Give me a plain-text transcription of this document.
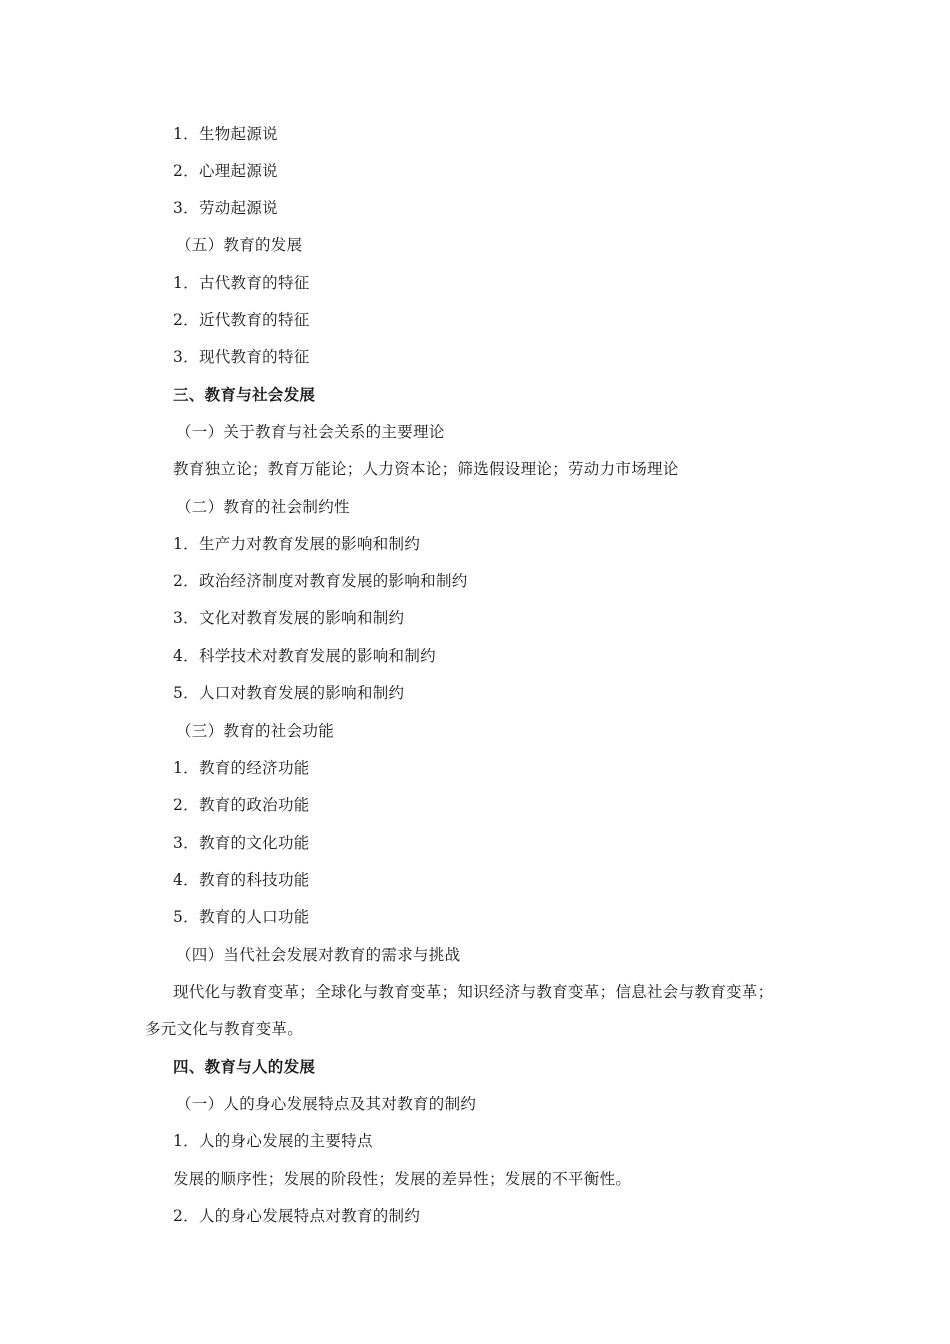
1．生物起源说
2．心理起源说
3．劳动起源说
（五）教育的发展
1．古代教育的特征
2．近代教育的特征
3．现代教育的特征
三、教育与社会发展
（一）关于教育与社会关系的主要理论
教育独立论；教育万能论；人力资本论；筛选假设理论；劳动力市场理论
（二）教育的社会制约性
1．生产力对教育发展的影响和制约
2．政治经济制度对教育发展的影响和制约
3．文化对教育发展的影响和制约
4．科学技术对教育发展的影响和制约
5．人口对教育发展的影响和制约
（三）教育的社会功能
1．教育的经济功能
2．教育的政治功能
3．教育的文化功能
4．教育的科技功能
5．教育的人口功能
（四）当代社会发展对教育的需求与挑战
现代化与教育变革；全球化与教育变革；知识经济与教育变革；信息社会与教育变革；
多元文化与教育变革。
四、教育与人的发展
（一）人的身心发展特点及其对教育的制约
1．人的身心发展的主要特点
发展的顺序性；发展的阶段性；发展的差异性；发展的不平衡性。
2．人的身心发展特点对教育的制约
